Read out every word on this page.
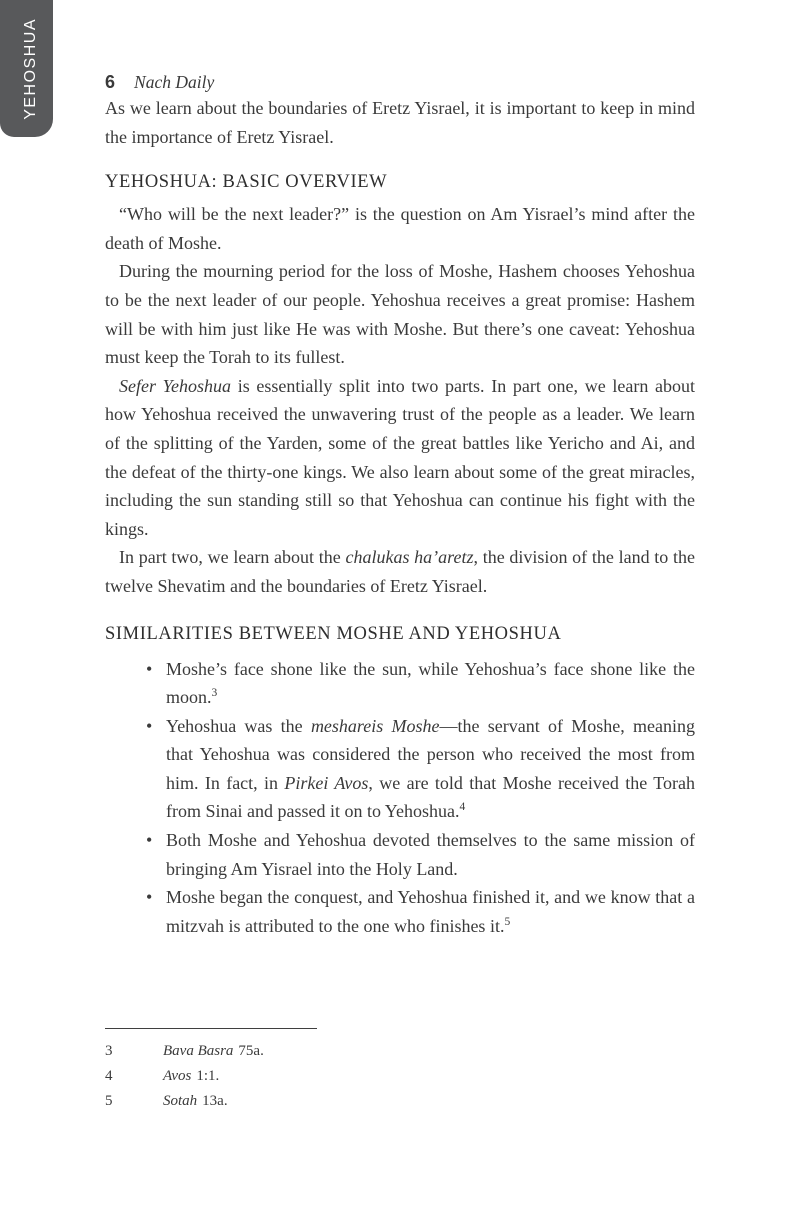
YEHOSHUA	6 Nach Daily

As we learn about the boundaries of Eretz Yisrael, it is important to keep in mind the importance of Eretz Yisrael.

YEHOSHUA: BASIC OVERVIEW

“Who will be the next leader?” is the question on Am Yisrael’s mind after the death of Moshe.

During the mourning period for the loss of Moshe, Hashem chooses Yehoshua to be the next leader of our people. Yehoshua receives a great promise: Hashem will be with him just like He was with Moshe. But there’s one caveat: Yehoshua must keep the Torah to its fullest.

Sefer Yehoshua is essentially split into two parts. In part one, we learn about how Yehoshua received the unwavering trust of the people as a leader. We learn of the splitting of the Yarden, some of the great battles like Yericho and Ai, and the defeat of the thirty-one kings. We also learn about some of the great miracles, including the sun standing still so that Yehoshua can continue his fight with the kings.

In part two, we learn about the chalukas ha’aretz, the division of the land to the twelve Shevatim and the boundaries of Eretz Yisrael.

SIMILARITIES BETWEEN MOSHE AND YEHOSHUA
• Moshe’s face shone like the sun, while Yehoshua’s face shone like the moon.$^3$
• Yehoshua was the meshareis Moshe—the servant of Moshe, meaning that Yehoshua was considered the person who received the most from him. In fact, in Pirkei Avos, we are told that Moshe received the Torah from Sinai and passed it on to Yehoshua.$^4$
• Both Moshe and Yehoshua devoted themselves to the same mission of bringing Am Yisrael into the Holy Land.
• Moshe began the conquest, and Yehoshua finished it, and we know that a mitzvah is attributed to the one who finishes it.$^5$
3	Bava Basra 75a.
4	Avos 1:1.
5	Sotah 13a.
